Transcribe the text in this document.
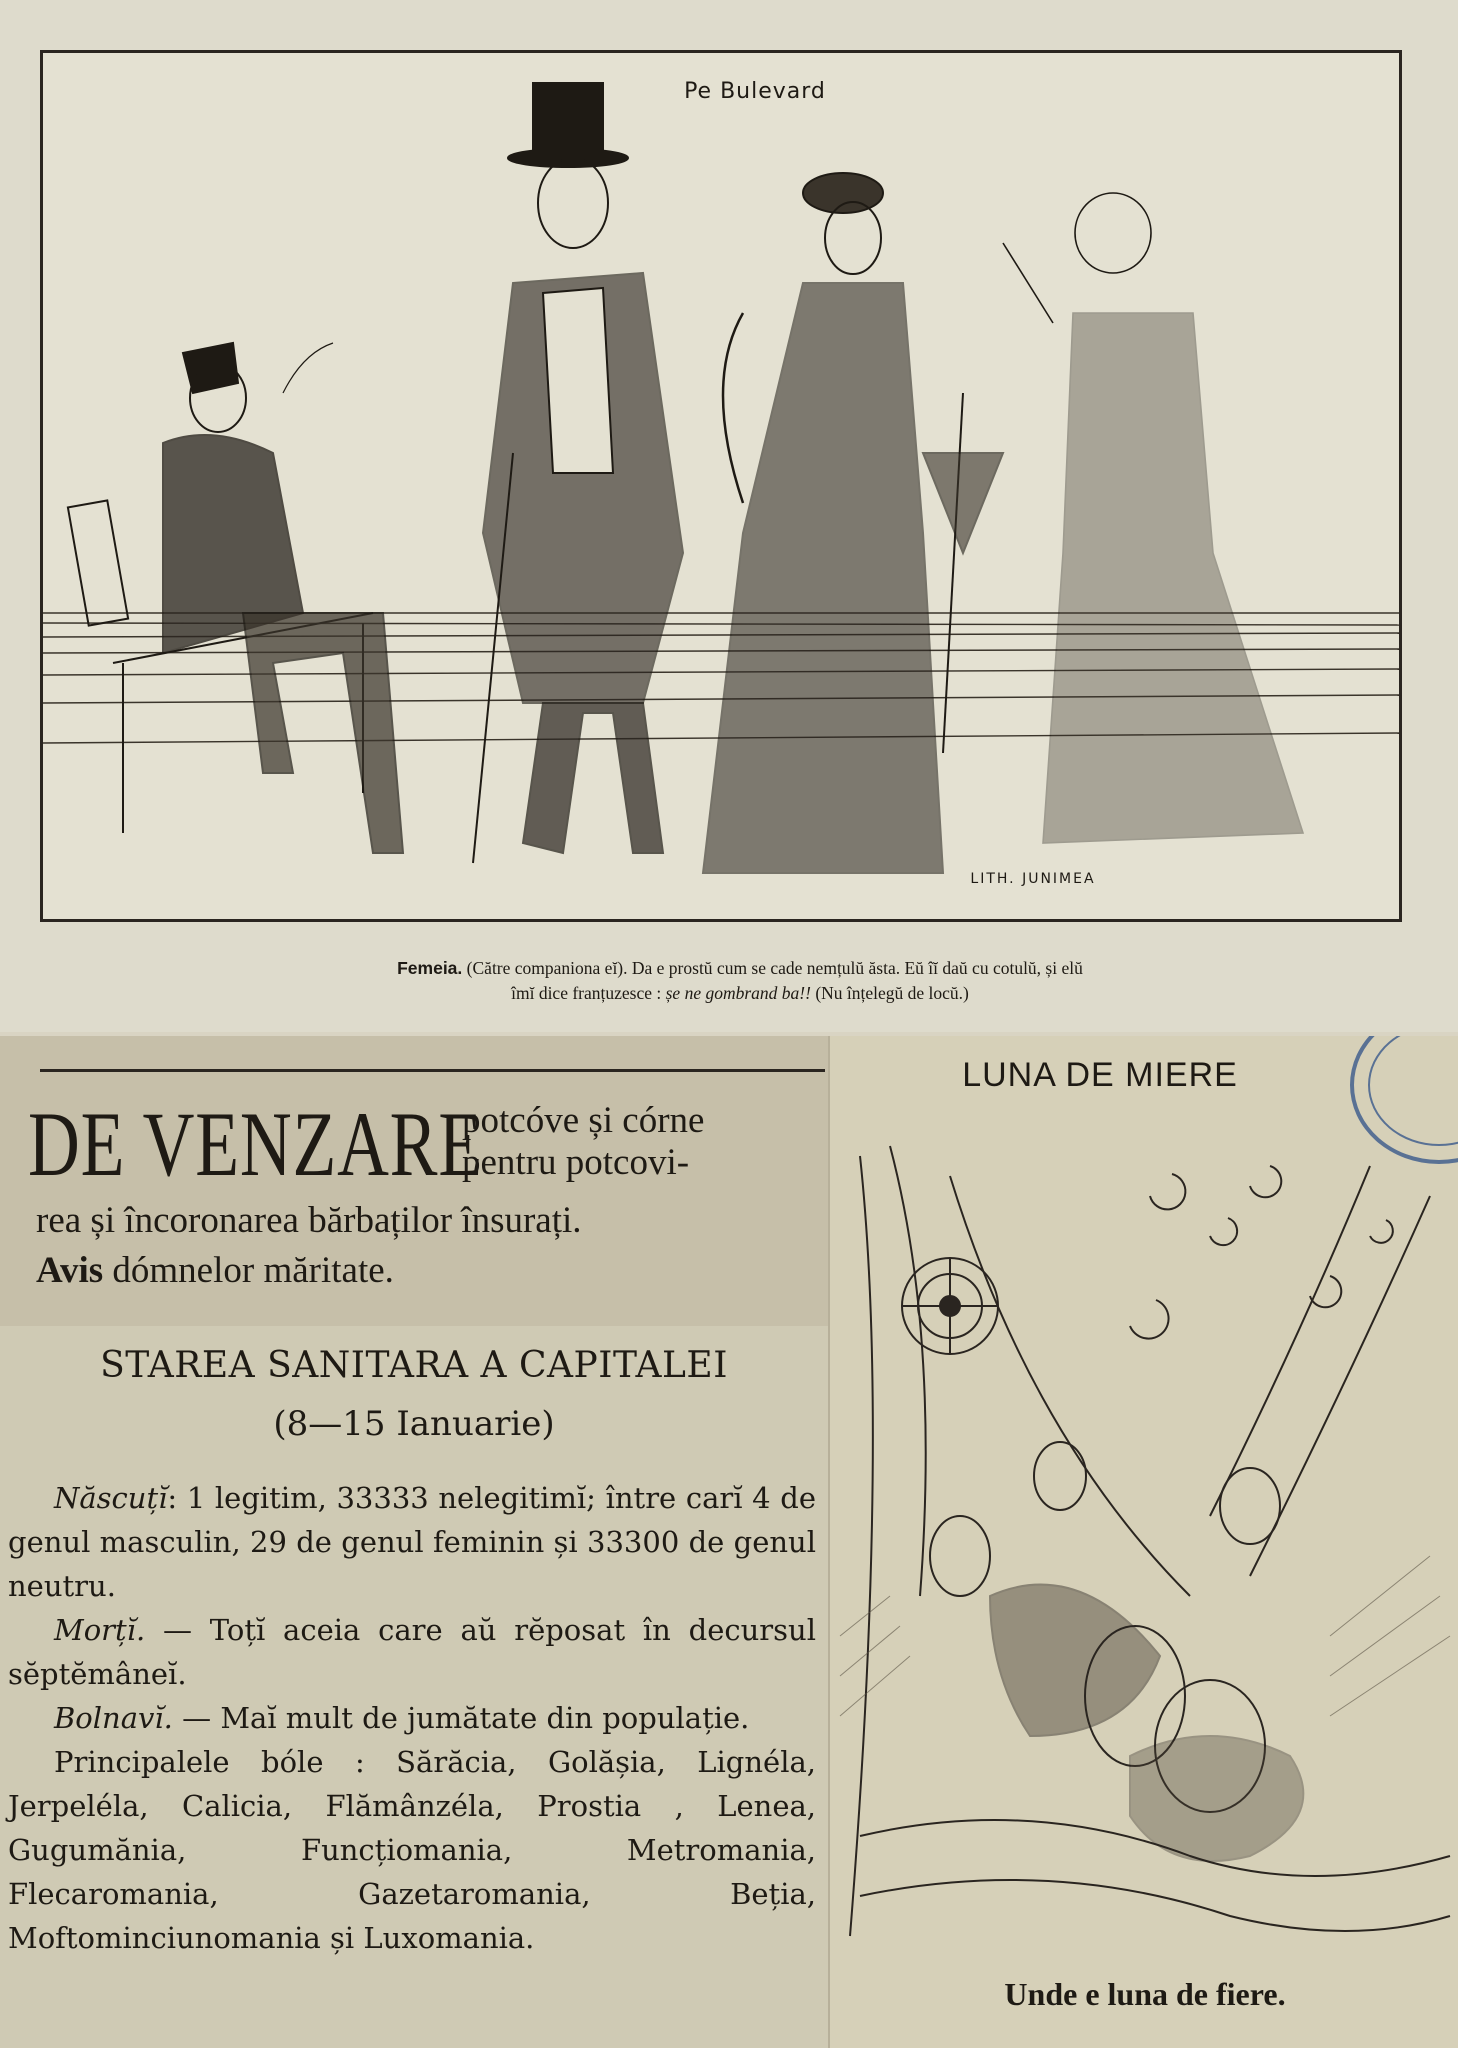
Pe Bulevard
LITH. JUNIMEA
Femeia. (Către companiona eĭ). Da e prostŭ cum se cade nemțulŭ ăsta. Eŭ îĭ daŭ cu cotulŭ, și elŭ
îmĭ dice franțuzesce : șe ne gombrand ba!! (Nu înțelegŭ de locŭ.)
DE VENZARE
potcóve și córne
pentru potcovi-
rea și încoronarea bărbaților însurați.
Avis dómnelor măritate.
STAREA SANITARA A CAPITALEI
(8—15 Ianuarie)

Născuțĭ: 1 legitim, 33333 nelegitimĭ; între carĭ 4 de genul masculin, 29 de genul feminin și 33300 de genul neutru.

Morțĭ. — Toțĭ aceia care aŭ rĕposat în decursul sĕptĕmâneĭ.

Bolnavĭ. — Maĭ mult de jumătate din populație.

Principalele bóle : Sărăcia, Golășia, Lignéla, Jerpeléla, Calicia, Flămânzéla, Prostia , Lenea, Gugumănia, Funcțiomania, Metromania, Flecaromania, Gazetaromania, Beția, Moftominciunomania și Luxomania.

LUNA DE MIERE
Unde e luna de fiere.
